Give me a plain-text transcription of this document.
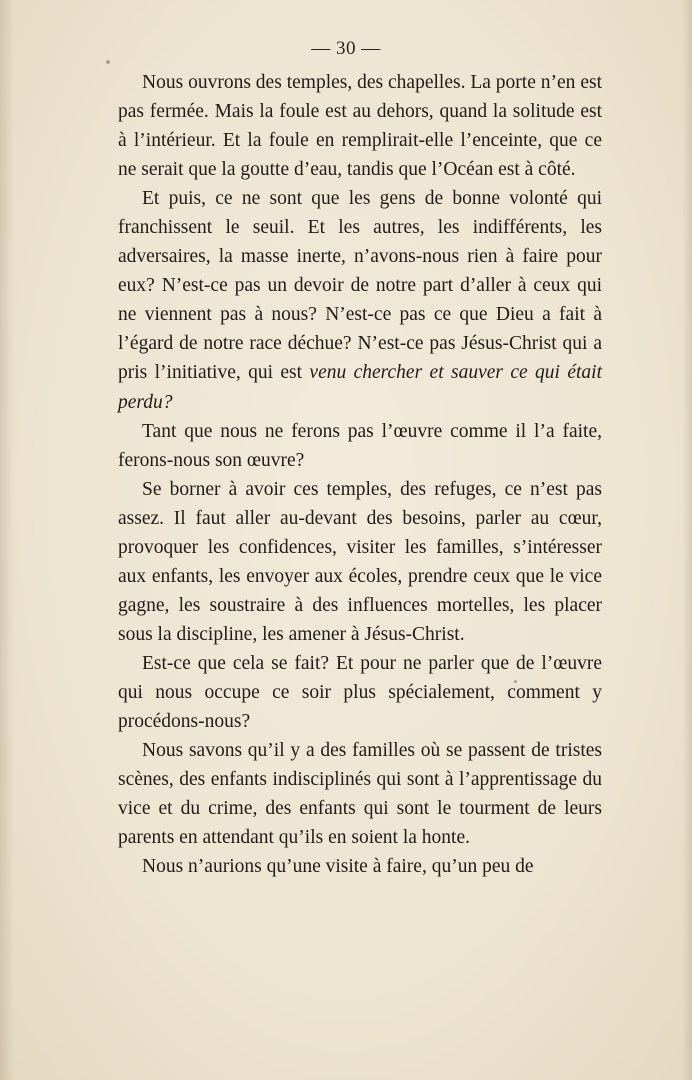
— 30 —

Nous ouvrons des temples, des chapelles. La porte n’en est pas fermée. Mais la foule est au dehors, quand la solitude est à l’intérieur. Et la foule en remplirait-elle l’enceinte, que ce ne serait que la goutte d’eau, tandis que l’Océan est à côté.

Et puis, ce ne sont que les gens de bonne volonté qui franchissent le seuil. Et les autres, les indifférents, les adversaires, la masse inerte, n’avons-nous rien à faire pour eux? N’est-ce pas un devoir de notre part d’aller à ceux qui ne viennent pas à nous? N’est-ce pas ce que Dieu a fait à l’égard de notre race déchue? N’est-ce pas Jésus-Christ qui a pris l’initiative, qui est venu chercher et sauver ce qui était perdu?

Tant que nous ne ferons pas l’œuvre comme il l’a faite, ferons-nous son œuvre?

Se borner à avoir ces temples, des refuges, ce n’est pas assez. Il faut aller au-devant des besoins, parler au cœur, provoquer les confidences, visiter les familles, s’intéresser aux enfants, les envoyer aux écoles, prendre ceux que le vice gagne, les soustraire à des influences mortelles, les placer sous la discipline, les amener à Jésus-Christ.

Est-ce que cela se fait? Et pour ne parler que de l’œuvre qui nous occupe ce soir plus spécialement, comment y procédons-nous?

Nous savons qu’il y a des familles où se passent de tristes scènes, des enfants indisciplinés qui sont à l’apprentissage du vice et du crime, des enfants qui sont le tourment de leurs parents en attendant qu’ils en soient la honte.

Nous n’aurions qu’une visite à faire, qu’un peu de
